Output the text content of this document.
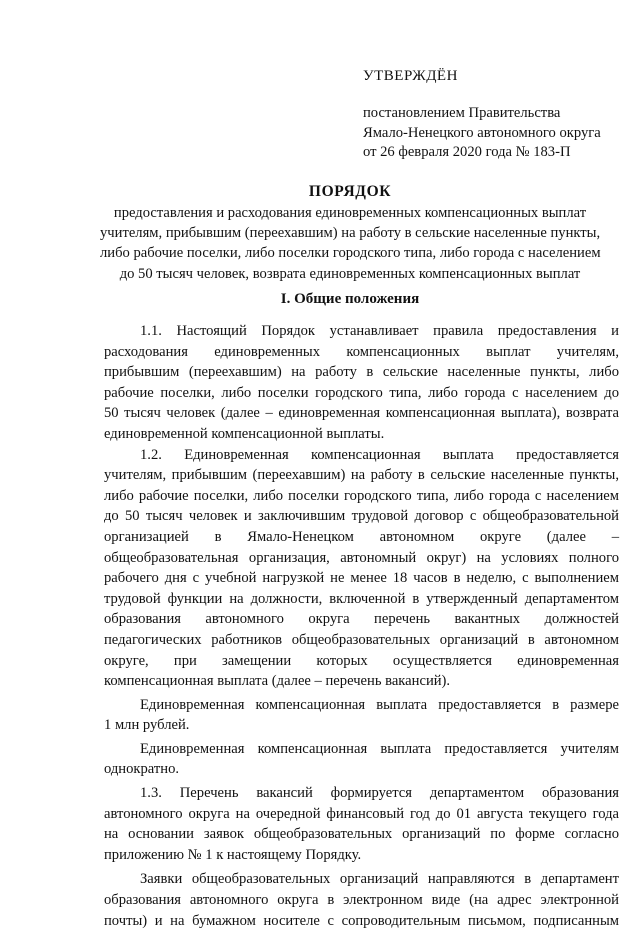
УТВЕРЖДЁН
постановлением Правительства
Ямало-Ненецкого автономного округа
от 26 февраля 2020 года № 183-П
ПОРЯДОК
предоставления и расходования единовременных компенсационных выплат
учителям, прибывшим (переехавшим) на работу в сельские населенные пункты,
либо рабочие поселки, либо поселки городского типа, либо города с населением
до 50 тысяч человек, возврата единовременных компенсационных выплат
I. Общие положения
1.1. Настоящий Порядок устанавливает правила предоставления и
расходования единовременных компенсационных выплат учителям,
прибывшим (переехавшим) на работу в сельские населенные пункты, либо
рабочие поселки, либо поселки городского типа, либо города с населением до
50 тысяч человек (далее – единовременная компенсационная выплата), возврата
единовременной компенсационной выплаты.
1.2. Единовременная компенсационная выплата предоставляется
учителям, прибывшим (переехавшим) на работу в сельские населенные пункты,
либо рабочие поселки, либо поселки городского типа, либо города с населением
до 50 тысяч человек и заключившим трудовой договор с общеобразовательной
организацией в Ямало-Ненецком автономном округе (далее –
общеобразовательная организация, автономный округ) на условиях полного
рабочего дня с учебной нагрузкой не менее 18 часов в неделю, с выполнением
трудовой функции на должности, включенной в утвержденный департаментом
образования автономного округа перечень вакантных должностей
педагогических работников общеобразовательных организаций в автономном
округе, при замещении которых осуществляется единовременная
компенсационная выплата (далее – перечень вакансий).
Единовременная компенсационная выплата предоставляется в размере
1 млн рублей.
Единовременная компенсационная выплата предоставляется учителям
однократно.
1.3. Перечень вакансий формируется департаментом образования
автономного округа на очередной финансовый год до 01 августа текущего года
на основании заявок общеобразовательных организаций по форме согласно
приложению № 1 к настоящему Порядку.
Заявки общеобразовательных организаций направляются в департамент
образования автономного округа в электронном виде (на адрес электронной
почты) и на бумажном носителе с сопроводительным письмом, подписанным
